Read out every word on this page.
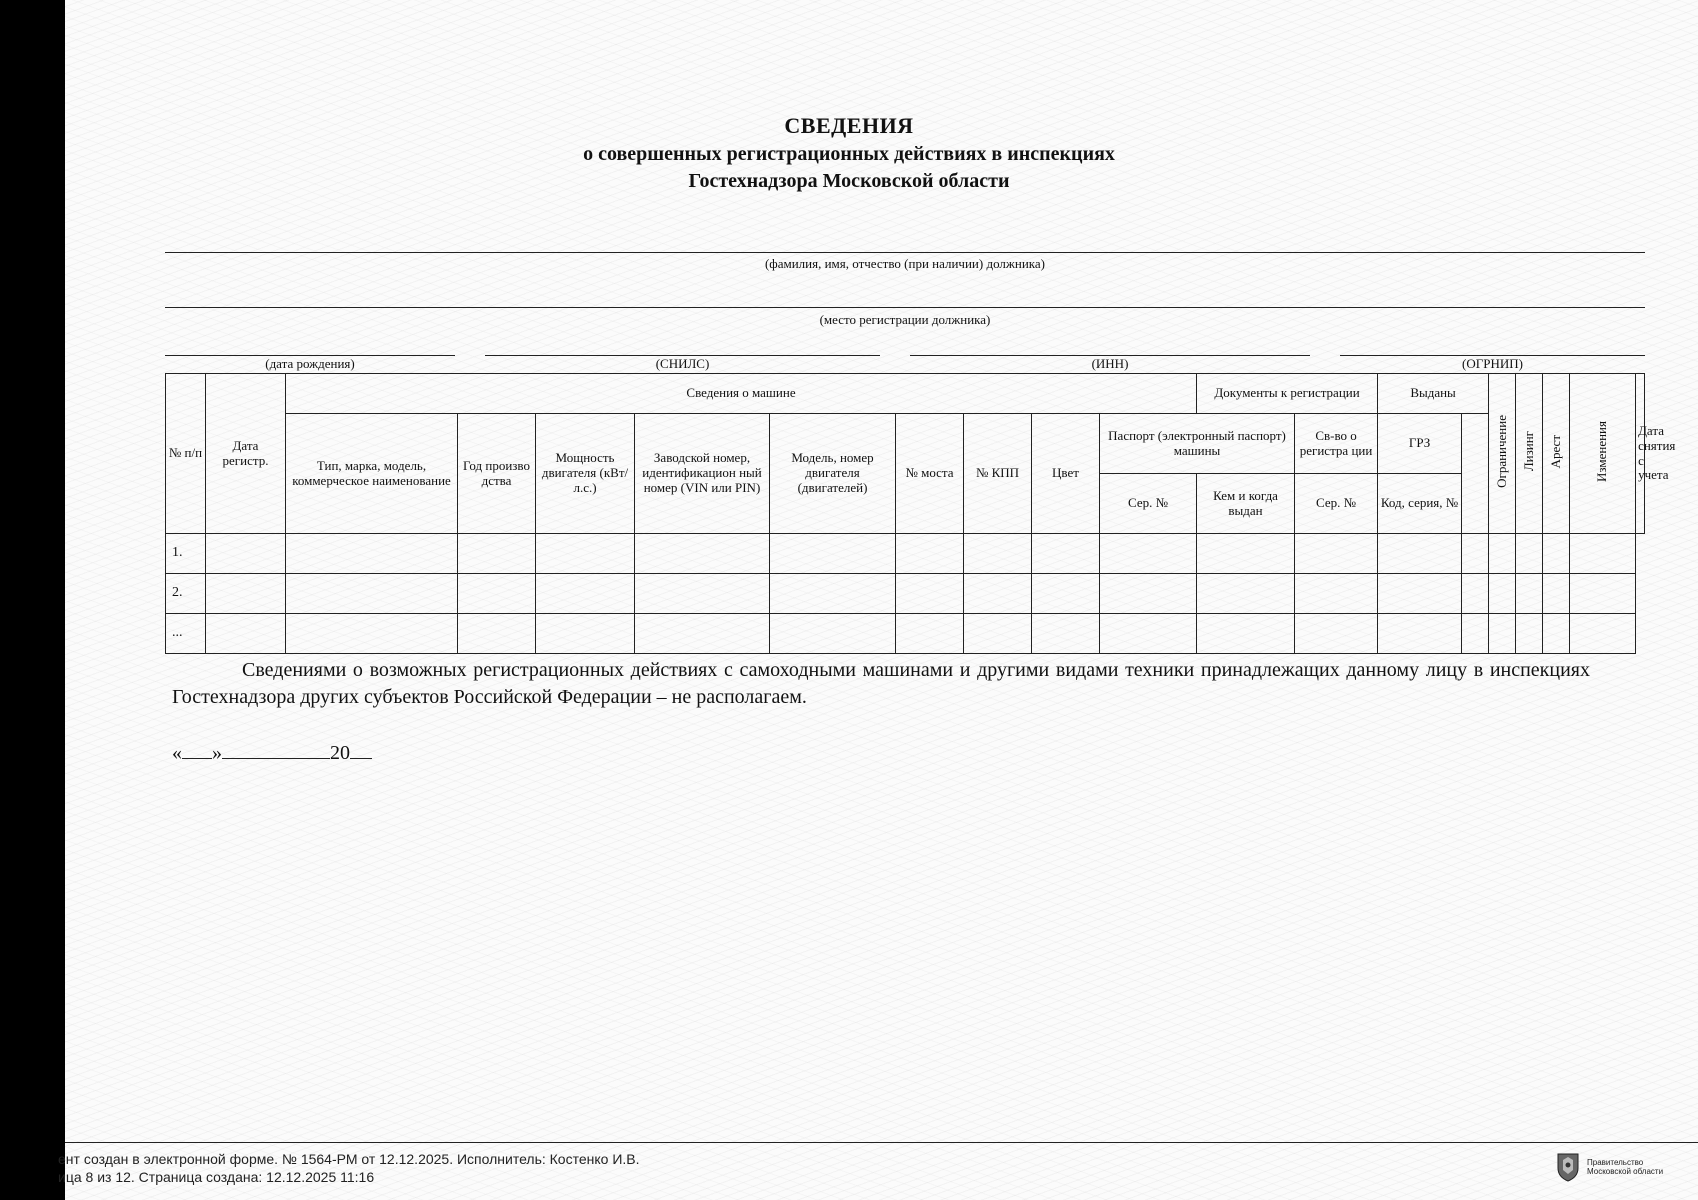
СВЕДЕНИЯ
о совершенных регистрационных действиях в инспекциях
Гостехнадзора Московской области
(фамилия, имя, отчество (при наличии) должника)
(место регистрации должника)
(дата рождения)	(СНИЛС)	(ИНН)	(ОГРНИП)
№ п/п	Дата регистр.	Сведения о машине									Документы к регистрации		Выданы		Ограничение	Лизинг	Арест	Изменения	Дата снятия с учета
		Тип, марка, модель, коммерческое наименование	Год произво дства	Мощность двигателя (кВт/л.с.)	Заводской номер, идентификацион ный номер (VIN или PIN)	Модель, номер двигателя (двигателей)	№ моста	№ КПП	Цвет	Паспорт (электронный паспорт) машины		Св-во о регистра ции	ГРЗ						
										Сер. №	Кем и когда выдан	Сер. №	Код, серия, №						
1.																			
2.																			
...																			
Сведениями о возможных регистрационных действиях с самоходными машинами и другими видами техники принадлежащих данному лицу в инспекциях Гостехнадзора других субъектов Российской Федерации – не располагаем.
« »	20
ент создан в электронной форме. № 1564-РМ от 12.12.2025. Исполнитель: Костенко И.В.
ица 8 из 12. Страница создана: 12.12.2025 11:16
Правительство
Московской области
